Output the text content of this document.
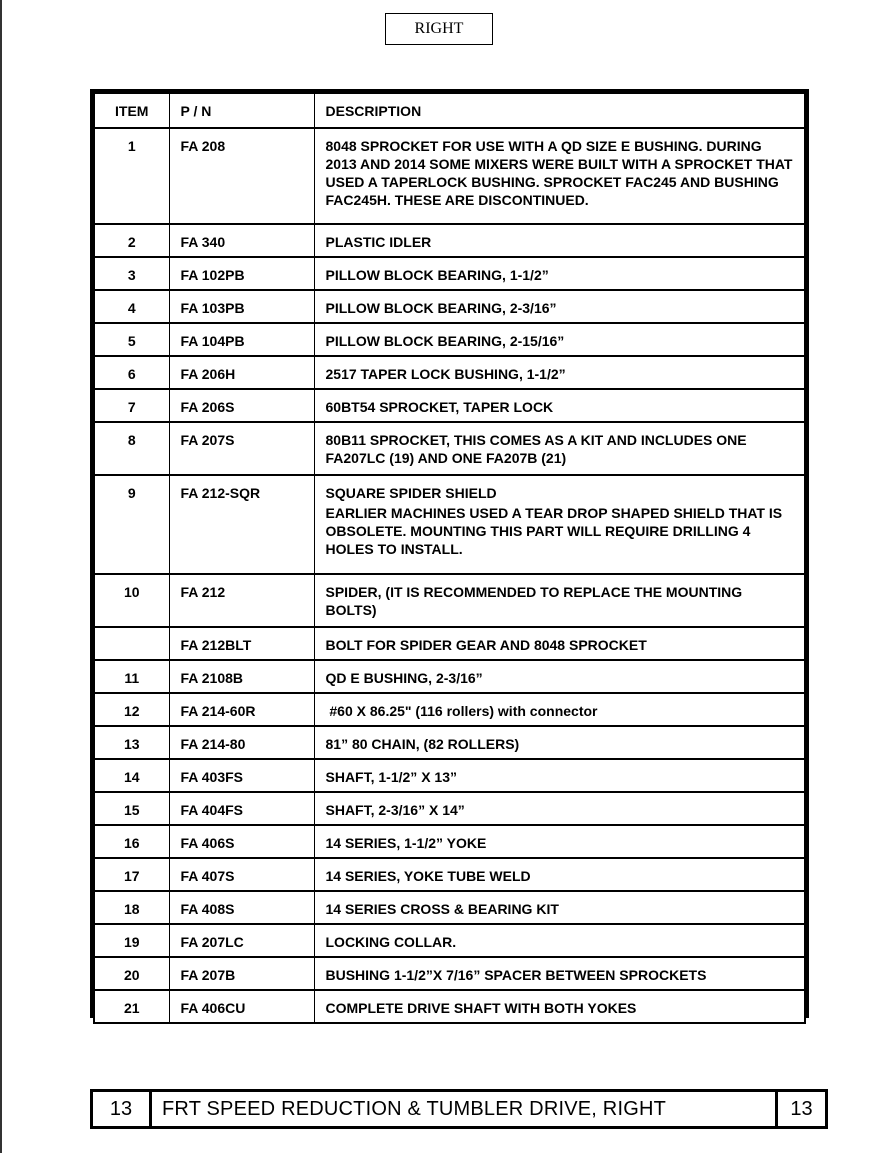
RIGHT
ITEM	P / N	DESCRIPTION
1	FA 208	8048 SPROCKET FOR USE WITH A QD SIZE E BUSHING. DURING 2013 AND 2014 SOME MIXERS WERE BUILT WITH A SPROCKET THAT USED A TAPERLOCK BUSHING. SPROCKET FAC245 AND BUSHING FAC245H. THESE ARE DISCONTINUED.

2	FA 340	PLASTIC IDLER

3	FA 102PB	PILLOW BLOCK BEARING, 1-1/2”

4	FA 103PB	PILLOW BLOCK BEARING, 2-3/16”

5	FA 104PB	PILLOW BLOCK BEARING, 2-15/16”

6	FA 206H	2517 TAPER LOCK BUSHING, 1-1/2”

7	FA 206S	60BT54 SPROCKET, TAPER LOCK

8	FA 207S	80B11 SPROCKET, THIS COMES AS A KIT AND INCLUDES ONE FA207LC (19) AND ONE FA207B (21)

9	FA 212-SQR	SQUARE SPIDER SHIELD
EARLIER MACHINES USED A TEAR DROP SHAPED SHIELD THAT IS OBSOLETE. MOUNTING THIS PART WILL REQUIRE DRILLING 4 HOLES TO INSTALL.

10	FA 212	SPIDER, (IT IS RECOMMENDED TO REPLACE THE MOUNTING BOLTS)

	FA 212BLT	BOLT FOR SPIDER GEAR AND 8048 SPROCKET

11	FA 2108B	QD E BUSHING, 2-3/16”

12	FA 214-60R	#60 X 86.25" (116 rollers) with connector

13	FA 214-80	81” 80 CHAIN, (82 ROLLERS)

14	FA 403FS	SHAFT, 1-1/2” X 13”

15	FA 404FS	SHAFT, 2-3/16” X 14”

16	FA 406S	14 SERIES, 1-1/2” YOKE

17	FA 407S	14 SERIES, YOKE TUBE WELD

18	FA 408S	14 SERIES CROSS & BEARING KIT

19	FA 207LC	LOCKING COLLAR.

20	FA 207B	BUSHING 1-1/2”X 7/16” SPACER BETWEEN SPROCKETS

21	FA 406CU	COMPLETE DRIVE SHAFT WITH BOTH YOKES
13	FRT SPEED REDUCTION & TUMBLER DRIVE, RIGHT	13
